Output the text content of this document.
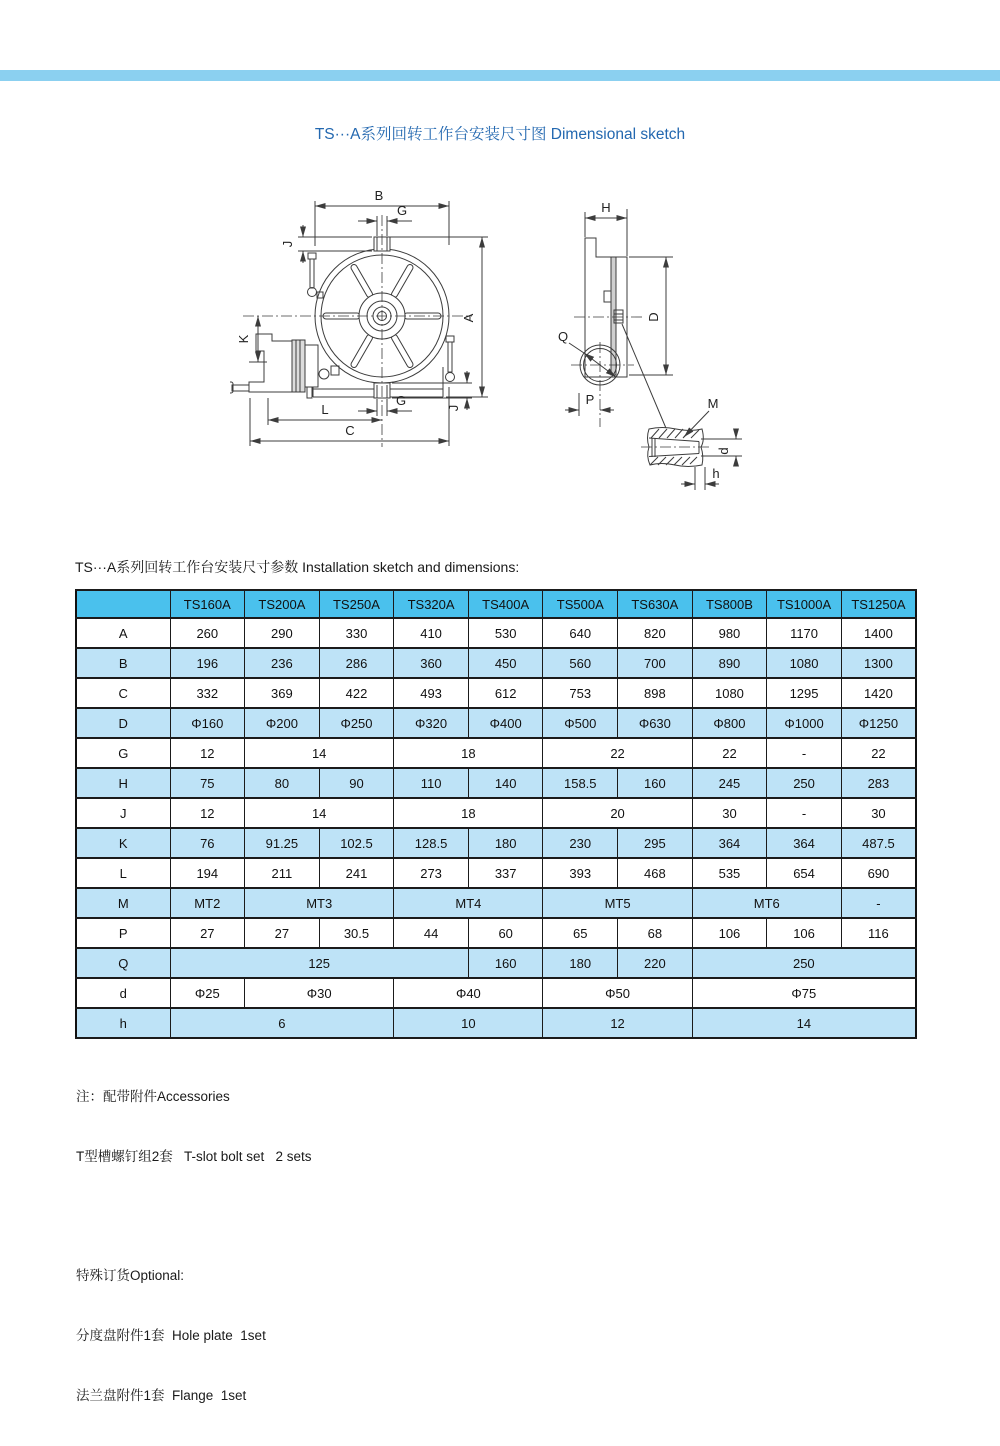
TS···A系列回转工作台安装尺寸图 Dimensional sketch
B
G
J
A
K
L
C
G	J
H
D
Q
P	M
d
h
TS···A系列回转工作台安装尺寸参数 Installation sketch and dimensions:
	TS160A	TS200A	TS250A	TS320A	TS400A	TS500A	TS630A	TS800B	TS1000A	TS1250A
A	260	290	330	410	530	640	820	980	1170	1400
B	196	236	286	360	450	560	700	890	1080	1300
C	332	369	422	493	612	753	898	1080	1295	1420
D	Φ160	Φ200	Φ250	Φ320	Φ400	Φ500	Φ630	Φ800	Φ1000	Φ1250
G	12	14		18		22		22	-	22
H	75	80	90	110	140	158.5	160	245	250	283
J	12	14		18		20		30	-	30
K	76	91.25	102.5	128.5	180	230	295	364	364	487.5
L	194	211	241	273	337	393	468	535	654	690
M	MT2	MT3		MT4		MT5		MT6		-
P	27	27	30.5	44	60	65	68	106	106	116
Q	125				160	180	220	250		
d	Φ25	Φ30		Φ40		Φ50		Φ75		
h	6			10		12		14		

注：配带附件Accessories

T型槽螺钉组2套   T-slot bolt set   2 sets

特殊订货Optional:

分度盘附件1套  Hole plate  1set

法兰盘附件1套  Flange  1set
